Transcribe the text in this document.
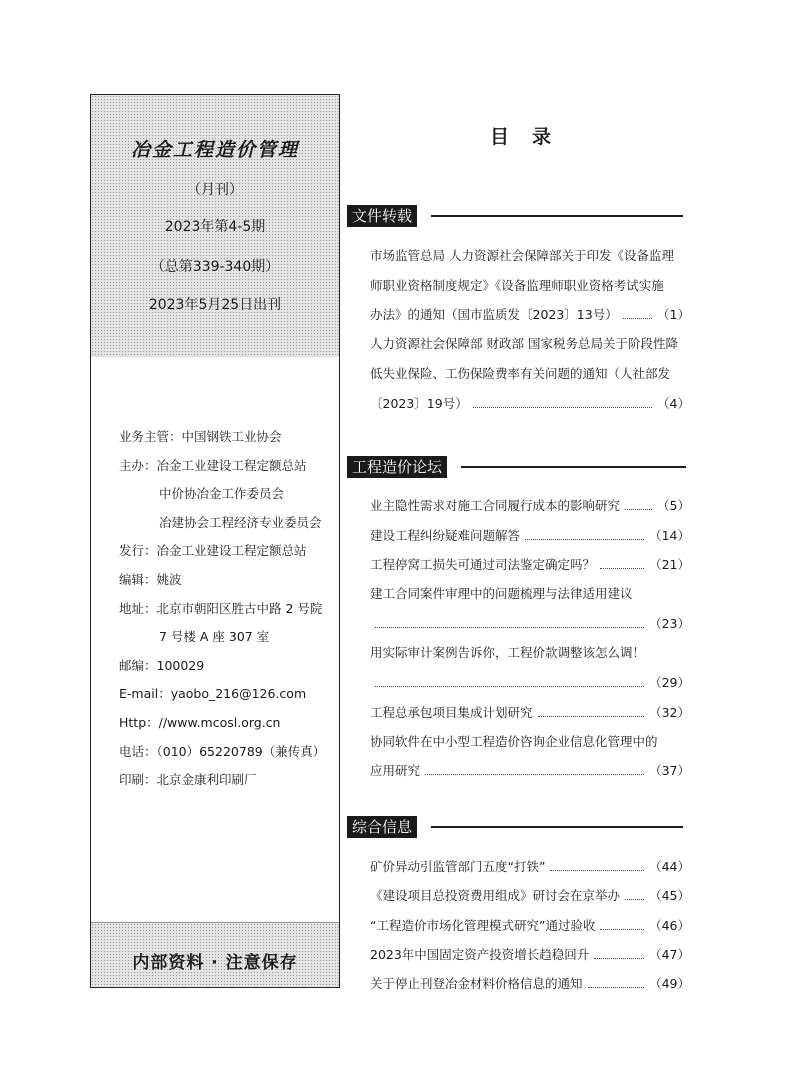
冶金工程造价管理
（月刊）
2023年第4-5期
（总第339-340期）
2023年5月25日出刊
业务主管：中国钢铁工业协会
主办：冶金工业建设工程定额总站
中价协冶金工作委员会
冶建协会工程经济专业委员会
发行：冶金工业建设工程定额总站
编辑：姚波
地址：北京市朝阳区胜古中路 2 号院
7 号楼 A 座 307 室
邮编：100029
E-mail：yaobo_216@126.com
Http：//www.mcosl.org.cn
电话：（010）65220789（兼传真）
印刷：北京金康利印刷厂
内部资料 · 注意保存
目　录
文件转载
市场监管总局 人力资源社会保障部关于印发《设备监理
师职业资格制度规定》《设备监理师职业资格考试实施
办法》的通知（国市监质发〔2023〕13号）	（1）
人力资源社会保障部 财政部 国家税务总局关于阶段性降
低失业保险、工伤保险费率有关问题的通知（人社部发
〔2023〕19号）	（4）
工程造价论坛
业主隐性需求对施工合同履行成本的影响研究	（5）
建设工程纠纷疑难问题解答	（14）
工程停窝工损失可通过司法鉴定确定吗？	（21）
建工合同案件审理中的问题梳理与法律适用建议
（23）
用实际审计案例告诉你，工程价款调整该怎么调！
（29）
工程总承包项目集成计划研究	（32）
协同软件在中小型工程造价咨询企业信息化管理中的
应用研究	（37）
综合信息
矿价异动引监管部门五度“打铁”	（44）
《建设项目总投资费用组成》研讨会在京举办 （45）
“工程造价市场化管理模式研究”通过验收	（46）
2023年中国固定资产投资增长趋稳回升	（47）
关于停止刊登冶金材料价格信息的通知	（49）
